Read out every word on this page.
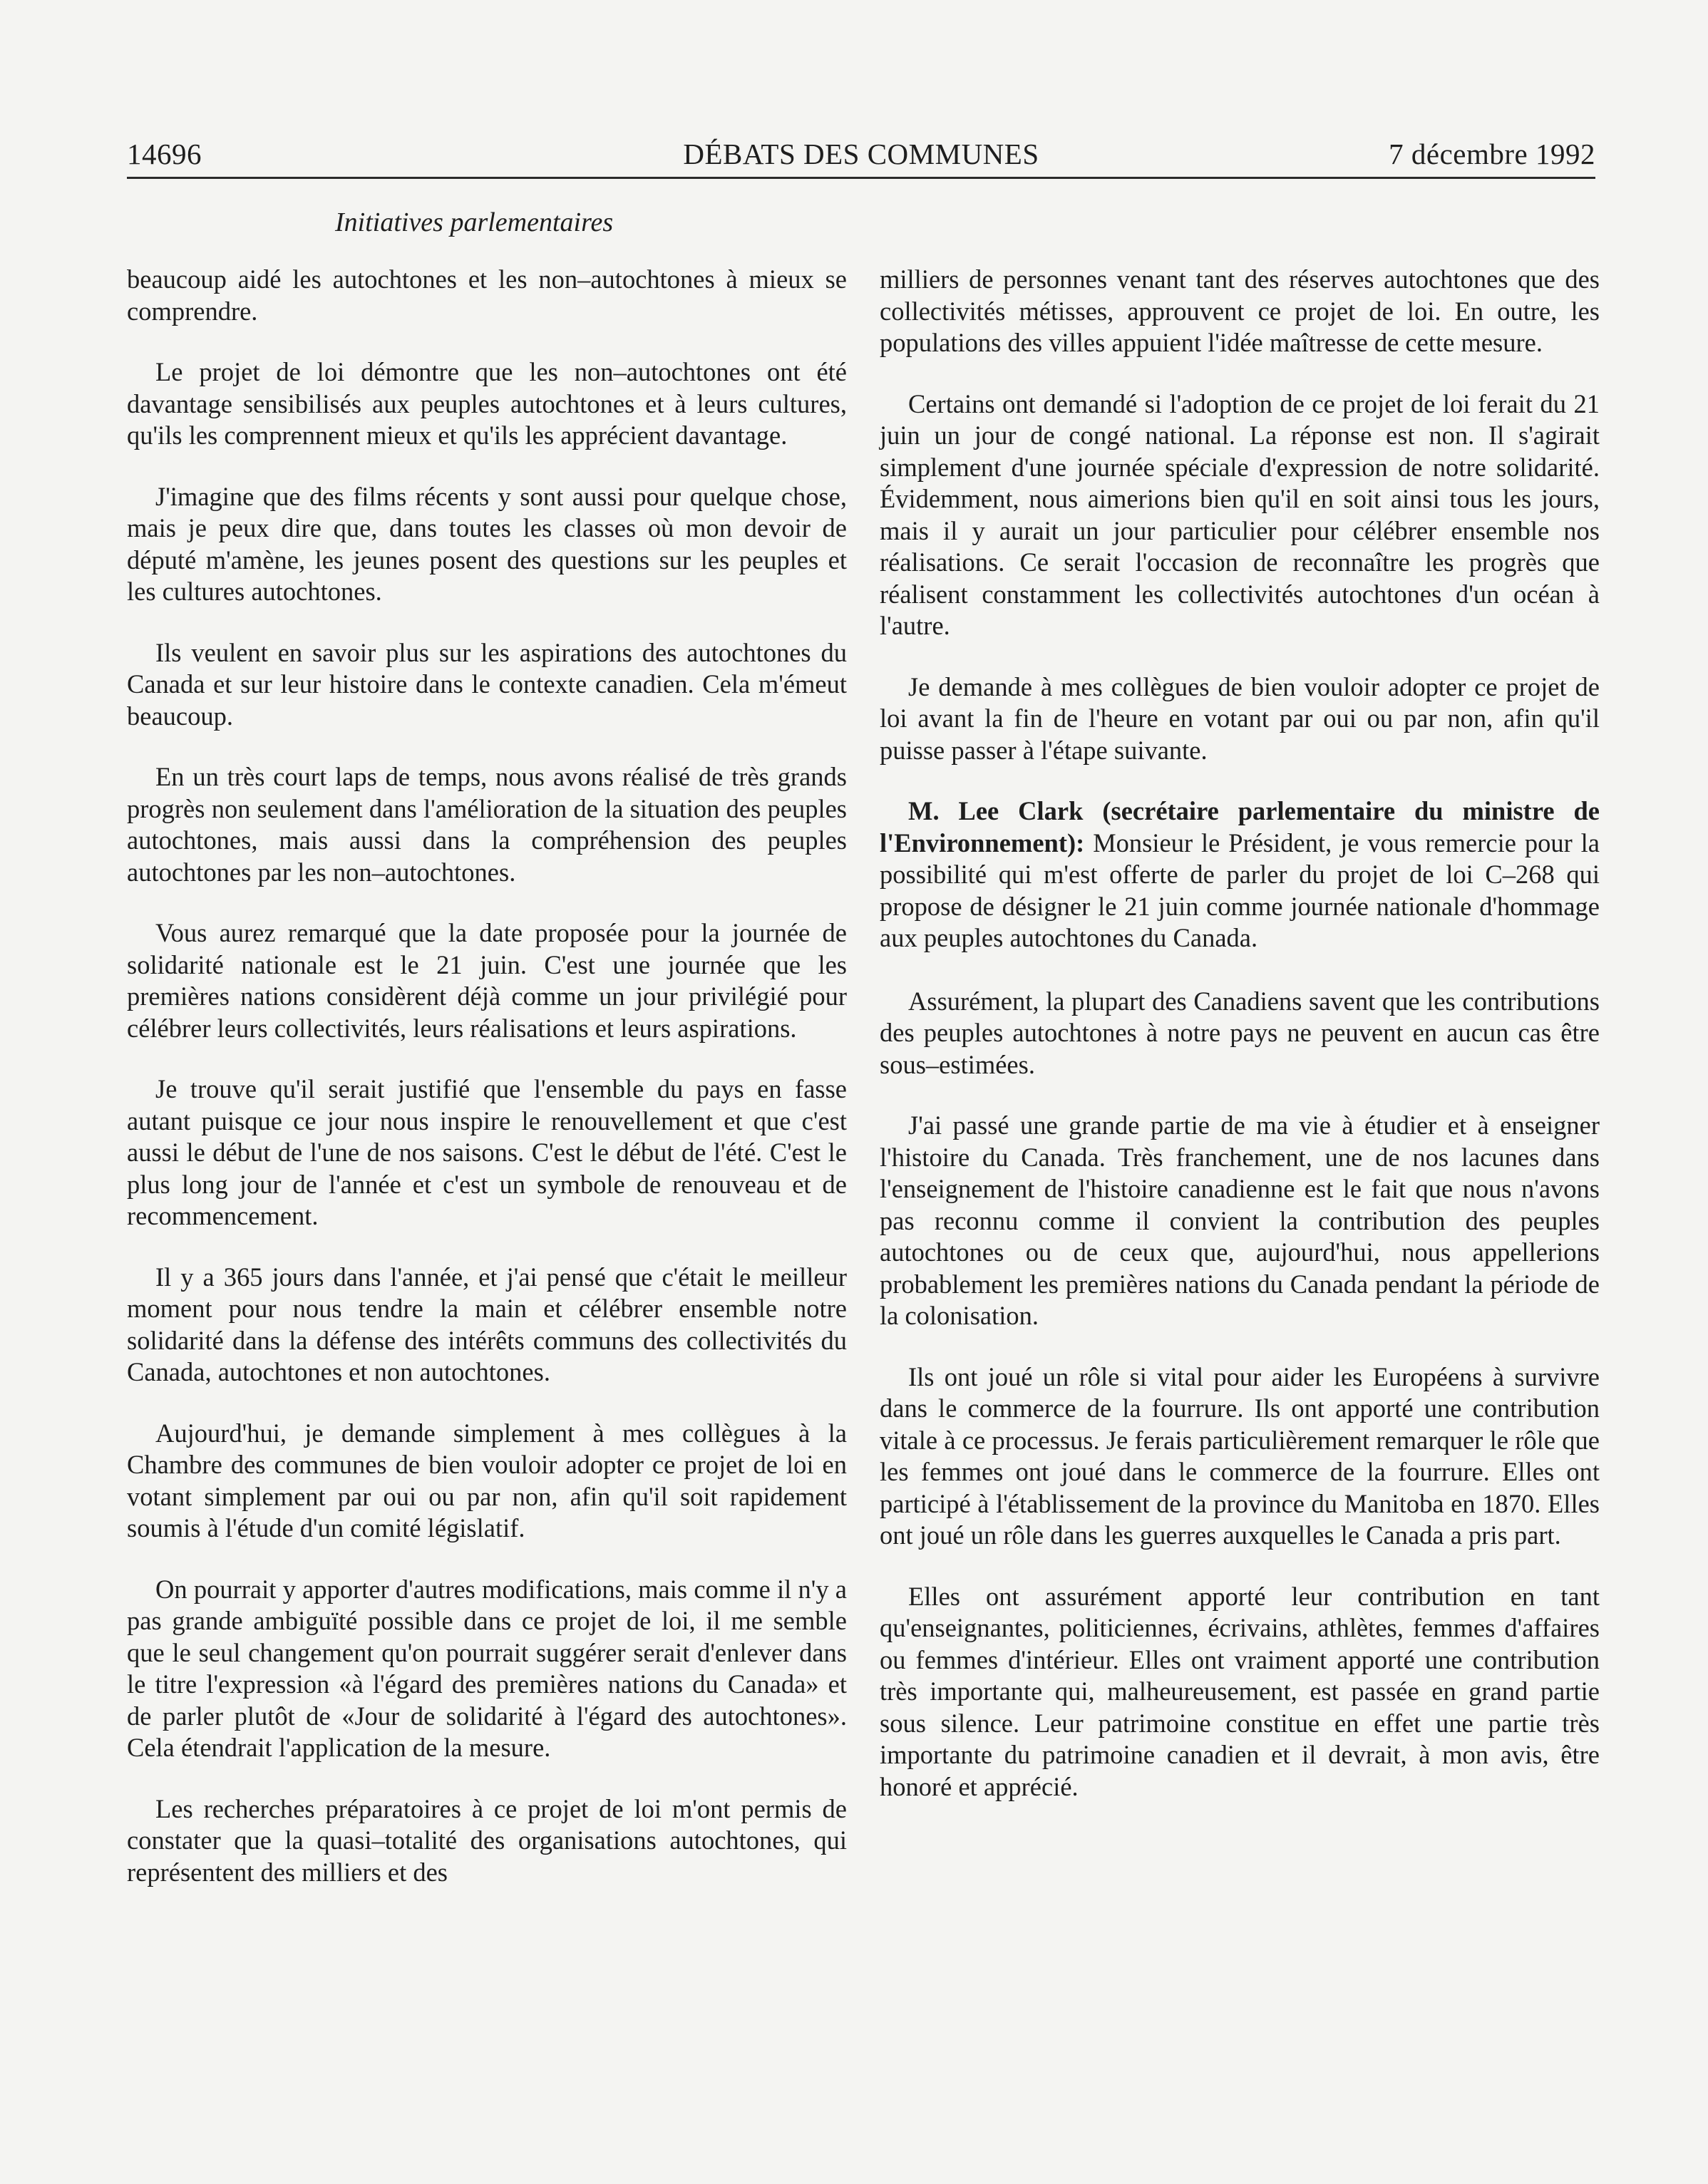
14696	DÉBATS DES COMMUNES	7 décembre 1992
Initiatives parlementaires

beaucoup aidé les autochtones et les non–autochtones à mieux se comprendre.

Le projet de loi démontre que les non–autochtones ont été davantage sensibilisés aux peuples autochtones et à leurs cultures, qu'ils les comprennent mieux et qu'ils les apprécient davantage.

J'imagine que des films récents y sont aussi pour quelque chose, mais je peux dire que, dans toutes les classes où mon devoir de député m'amène, les jeunes posent des questions sur les peuples et les cultures autochtones.

Ils veulent en savoir plus sur les aspirations des autochtones du Canada et sur leur histoire dans le contexte canadien. Cela m'émeut beaucoup.

En un très court laps de temps, nous avons réalisé de très grands progrès non seulement dans l'amélioration de la situation des peuples autochtones, mais aussi dans la compréhension des peuples autochtones par les non–autochtones.

Vous aurez remarqué que la date proposée pour la journée de solidarité nationale est le 21 juin. C'est une journée que les premières nations considèrent déjà comme un jour privilégié pour célébrer leurs collectivités, leurs réalisations et leurs aspirations.

Je trouve qu'il serait justifié que l'ensemble du pays en fasse autant puisque ce jour nous inspire le renouvellement et que c'est aussi le début de l'une de nos saisons. C'est le début de l'été. C'est le plus long jour de l'année et c'est un symbole de renouveau et de recommencement.

Il y a 365 jours dans l'année, et j'ai pensé que c'était le meilleur moment pour nous tendre la main et célébrer ensemble notre solidarité dans la défense des intérêts communs des collectivités du Canada, autochtones et non autochtones.

Aujourd'hui, je demande simplement à mes collègues à la Chambre des communes de bien vouloir adopter ce projet de loi en votant simplement par oui ou par non, afin qu'il soit rapidement soumis à l'étude d'un comité législatif.

On pourrait y apporter d'autres modifications, mais comme il n'y a pas grande ambiguïté possible dans ce projet de loi, il me semble que le seul changement qu'on pourrait suggérer serait d'enlever dans le titre l'expression «à l'égard des premières nations du Canada» et de parler plutôt de «Jour de solidarité à l'égard des autochtones». Cela étendrait l'application de la mesure.

Les recherches préparatoires à ce projet de loi m'ont permis de constater que la quasi–totalité des organisations autochtones, qui représentent des milliers et des

milliers de personnes venant tant des réserves autochtones que des collectivités métisses, approuvent ce projet de loi. En outre, les populations des villes appuient l'idée maîtresse de cette mesure.

Certains ont demandé si l'adoption de ce projet de loi ferait du 21 juin un jour de congé national. La réponse est non. Il s'agirait simplement d'une journée spéciale d'expression de notre solidarité. Évidemment, nous aimerions bien qu'il en soit ainsi tous les jours, mais il y aurait un jour particulier pour célébrer ensemble nos réalisations. Ce serait l'occasion de reconnaître les progrès que réalisent constamment les collectivités autochtones d'un océan à l'autre.

Je demande à mes collègues de bien vouloir adopter ce projet de loi avant la fin de l'heure en votant par oui ou par non, afin qu'il puisse passer à l'étape suivante.

M. Lee Clark (secrétaire parlementaire du ministre de l'Environnement): Monsieur le Président, je vous remercie pour la possibilité qui m'est offerte de parler du projet de loi C–268 qui propose de désigner le 21 juin comme journée nationale d'hommage aux peuples autochtones du Canada.

Assurément, la plupart des Canadiens savent que les contributions des peuples autochtones à notre pays ne peuvent en aucun cas être sous–estimées.

J'ai passé une grande partie de ma vie à étudier et à enseigner l'histoire du Canada. Très franchement, une de nos lacunes dans l'enseignement de l'histoire canadienne est le fait que nous n'avons pas reconnu comme il convient la contribution des peuples autochtones ou de ceux que, aujourd'hui, nous appellerions probablement les premières nations du Canada pendant la période de la colonisation.

Ils ont joué un rôle si vital pour aider les Européens à survivre dans le commerce de la fourrure. Ils ont apporté une contribution vitale à ce processus. Je ferais particulièrement remarquer le rôle que les femmes ont joué dans le commerce de la fourrure. Elles ont participé à l'établissement de la province du Manitoba en 1870. Elles ont joué un rôle dans les guerres auxquelles le Canada a pris part.

Elles ont assurément apporté leur contribution en tant qu'enseignantes, politiciennes, écrivains, athlètes, femmes d'affaires ou femmes d'intérieur. Elles ont vraiment apporté une contribution très importante qui, malheureusement, est passée en grand partie sous silence. Leur patrimoine constitue en effet une partie très importante du patrimoine canadien et il devrait, à mon avis, être honoré et apprécié.
